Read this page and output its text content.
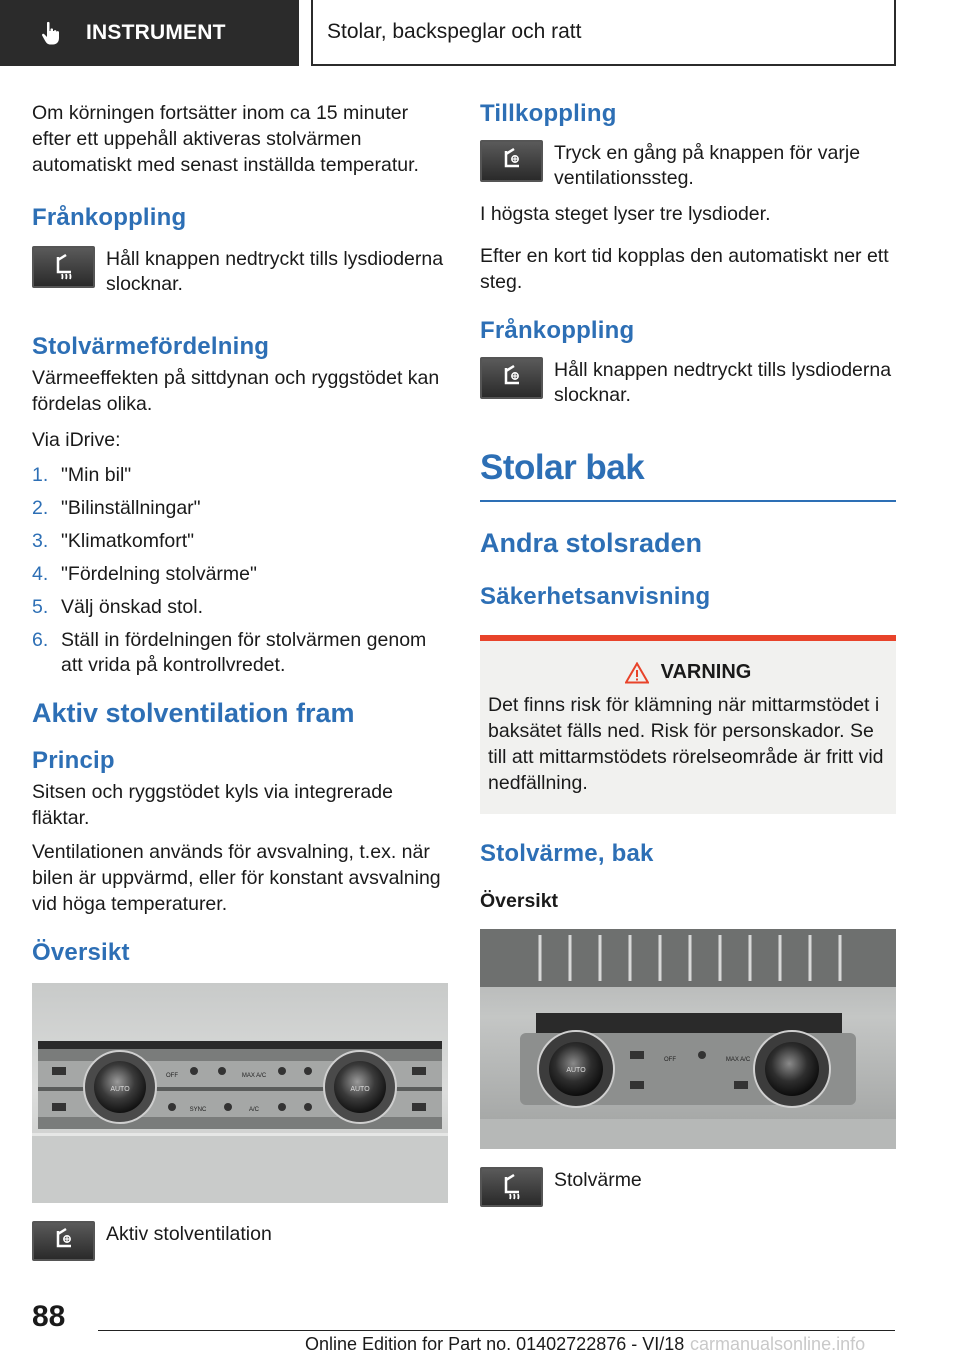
INSTRUMENT	Stolar, backspeglar och ratt

Om körningen fortsätter inom ca 15 minuter efter ett uppehåll aktiveras stolvärmen automatiskt med senast inställda temperatur.

Frånkoppling
Håll knappen nedtryckt tills lysdioderna slocknar.
Stolvärmefördelning

Värmeeffekten på sittdynan och ryggstödet kan fördelas olika.

Via iDrive:

1. "Min bil"
2. "Bilinställningar"
3. "Klimatkomfort"
4. "Fördelning stolvärme"
5. Välj önskad stol.
6. Ställ in fördelningen för stolvärmen genom att vrida på kontrollvredet.
Aktiv stolventilation fram
Princip

Sitsen och ryggstödet kyls via integrerade fläktar.

Ventilationen används för avsvalning, t.ex. när bilen är uppvärmd, eller för konstant avsvalning vid höga temperaturer.

Översikt
AUTO	AUTO
OFF	MAX A/C
SYNC	A/C
Aktiv stolventilation
Tillkoppling
Tryck en gång på knappen för varje ventilationssteg.

I högsta steget lyser tre lysdioder.

Efter en kort tid kopplas den automatiskt ner ett steg.

Frånkoppling
Håll knappen nedtryckt tills lysdioderna slocknar.
Stolar bak
Andra stolsraden
Säkerhetsanvisning
VARNING

Det finns risk för klämning när mittarmstödet i baksätet fälls ned. Risk för personskador. Se till att mittarmstödets rörelseområde är fritt vid nedfällning.

Stolvärme, bak
Översikt
AUTO
OFF	MAX A/C
Stolvärme
88
Online Edition for Part no. 01402722876 - VI/18 carmanualsonline.info
